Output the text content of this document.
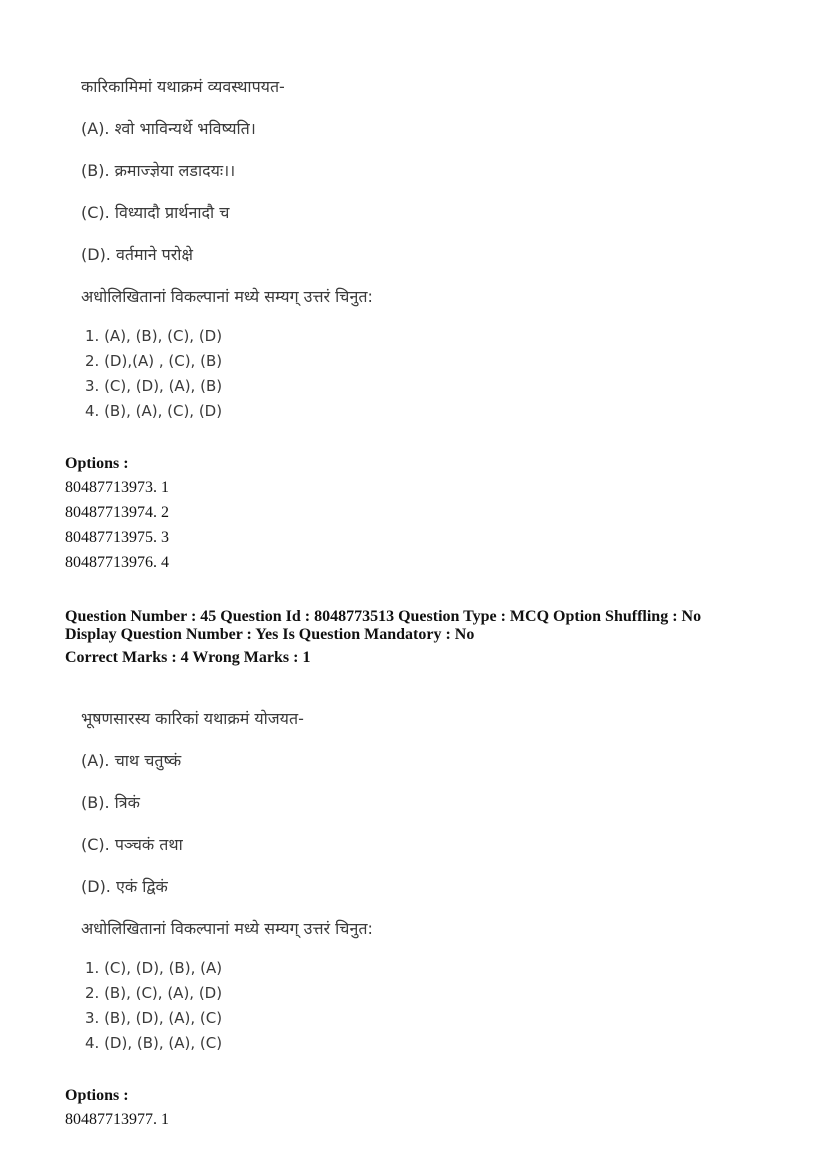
कारिकामिमां यथाक्रमं व्यवस्थापयत-
(A). श्वो भाविन्यर्थे भविष्यति।
(B). क्रमाज्ज्ञेया लडादयः।।
(C). विध्यादौ प्रार्थनादौ च
(D). वर्तमाने परोक्षे
अधोलिखितानां विकल्पानां मध्ये सम्यग् उत्तरं चिनुत:
1. (A), (B), (C), (D)
2. (D),(A) , (C), (B)
3. (C), (D), (A), (B)
4. (B), (A), (C), (D)
Options :
80487713973. 1
80487713974. 2
80487713975. 3
80487713976. 4
Question Number : 45 Question Id : 8048773513 Question Type : MCQ Option Shuffling : No
Display Question Number : Yes Is Question Mandatory : No
Correct Marks : 4 Wrong Marks : 1
भूषणसारस्य कारिकां यथाक्रमं योजयत-
(A). चाथ चतुष्कं
(B). त्रिकं
(C). पञ्चकं तथा
(D). एकं द्विकं
अधोलिखितानां विकल्पानां मध्ये सम्यग् उत्तरं चिनुत:
1. (C), (D), (B), (A)
2. (B), (C), (A), (D)
3. (B), (D), (A), (C)
4. (D), (B), (A), (C)
Options :
80487713977. 1
